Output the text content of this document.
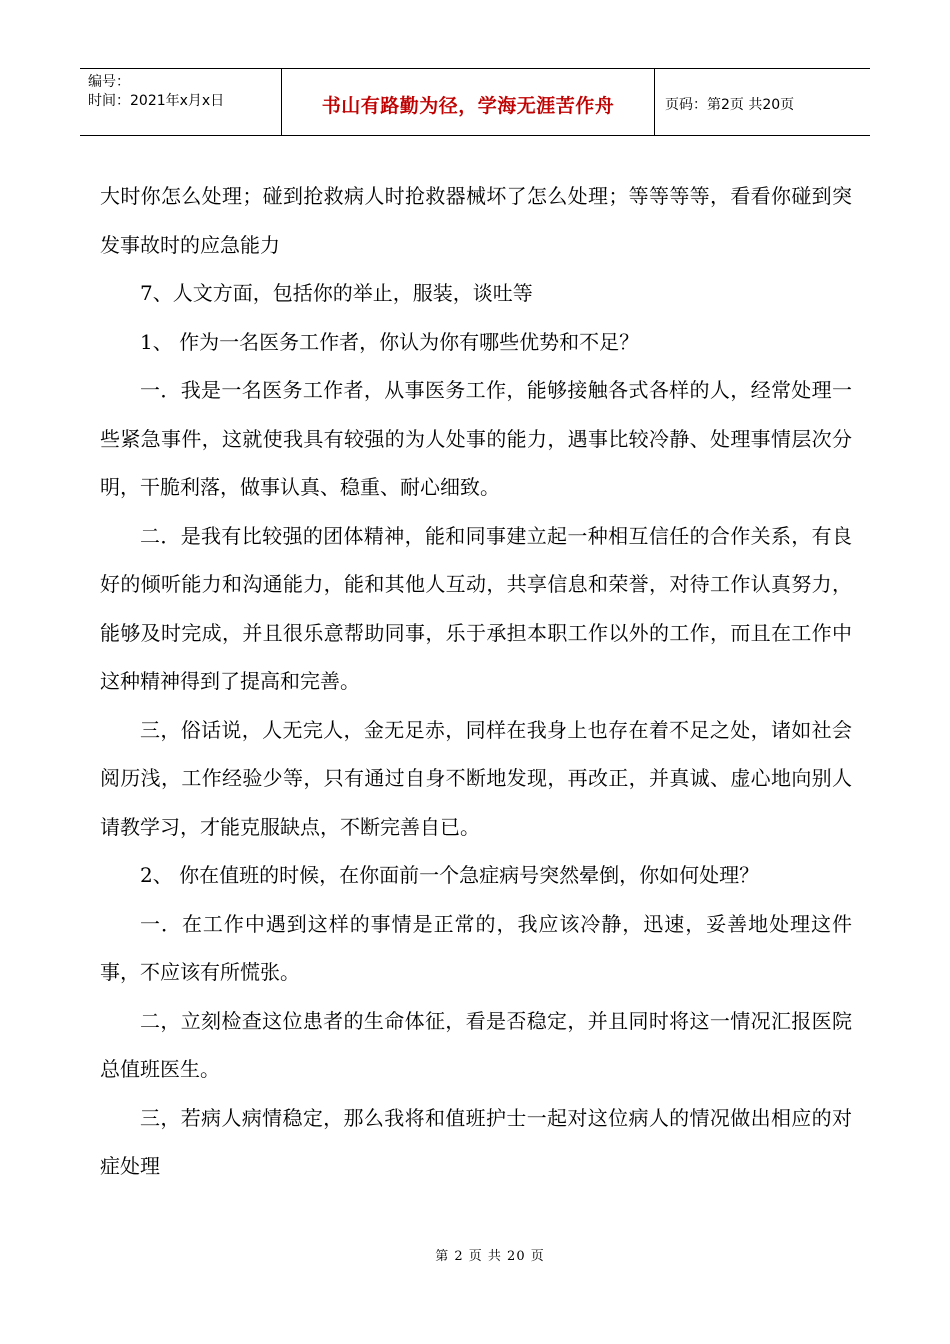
编号：
时间：2021年x月x日	书山有路勤为径，学海无涯苦作舟	页码：第2页 共20页

大时你怎么处理；碰到抢救病人时抢救器械坏了怎么处理；等等等等，看看你碰到突发事故时的应急能力

7、人文方面，包括你的举止，服装，谈吐等

1、 作为一名医务工作者，你认为你有哪些优势和不足？

一．我是一名医务工作者，从事医务工作，能够接触各式各样的人，经常处理一些紧急事件，这就使我具有较强的为人处事的能力，遇事比较冷静、处理事情层次分明，干脆利落，做事认真、稳重、耐心细致。

二．是我有比较强的团体精神，能和同事建立起一种相互信任的合作关系，有良好的倾听能力和沟通能力，能和其他人互动，共享信息和荣誉，对待工作认真努力，能够及时完成，并且很乐意帮助同事，乐于承担本职工作以外的工作，而且在工作中这种精神得到了提高和完善。

三，俗话说，人无完人，金无足赤，同样在我身上也存在着不足之处，诸如社会阅历浅，工作经验少等，只有通过自身不断地发现，再改正，并真诚、虚心地向别人请教学习，才能克服缺点，不断完善自已。

2、 你在值班的时候，在你面前一个急症病号突然晕倒，你如何处理？

一．在工作中遇到这样的事情是正常的，我应该冷静，迅速，妥善地处理这件事，不应该有所慌张。

二，立刻检查这位患者的生命体征，看是否稳定，并且同时将这一情况汇报医院总值班医生。

三，若病人病情稳定，那么我将和值班护士一起对这位病人的情况做出相应的对症处理

第 2 页 共 20 页
